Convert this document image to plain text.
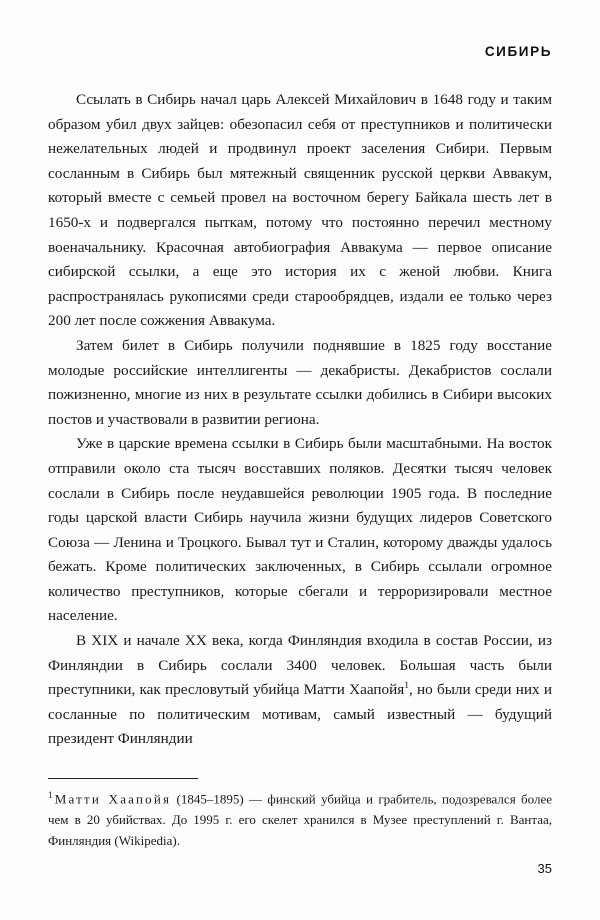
СИБИРЬ

Ссылать в Сибирь начал царь Алексей Михайлович в 1648 году и таким образом убил двух зайцев: обезопасил себя от преступников и политически нежелательных людей и продвинул проект заселения Сибири. Первым сосланным в Сибирь был мятежный священник русской церкви Аввакум, который вместе с семьей провел на восточном берегу Байкала шесть лет в 1650-х и подвергался пыткам, потому что постоянно перечил местному военачальнику. Красочная автобиография Аввакума — первое описание сибирской ссылки, а еще это история их с женой любви. Книга распространялась рукописями среди старообрядцев, издали ее только через 200 лет после сожжения Аввакума.

Затем билет в Сибирь получили поднявшие в 1825 году восстание молодые российские интеллигенты — декабристы. Декабристов сослали пожизненно, многие из них в результате ссылки добились в Сибири высоких постов и участвовали в развитии региона.

Уже в царские времена ссылки в Сибирь были масштабными. На восток отправили около ста тысяч восставших поляков. Десятки тысяч человек сослали в Сибирь после неудавшейся революции 1905 года. В последние годы царской власти Сибирь научила жизни будущих лидеров Советского Союза — Ленина и Троцкого. Бывал тут и Сталин, которому дважды удалось бежать. Кроме политических заключенных, в Сибирь ссылали огромное количество преступников, которые сбегали и терроризировали местное население.

В XIX и начале XX века, когда Финляндия входила в состав России, из Финляндии в Сибирь сослали 3400 человек. Большая часть были преступники, как пресловутый убийца Матти Хаапойя$^1$, но были среди них и сосланные по политическим мотивам, самый известный — будущий президент Финляндии

$^1$ Матти Хаапойя (1845–1895) — финский убийца и грабитель, подозревался более чем в 20 убийствах. До 1995 г. его скелет хранился в Музее преступлений г. Вантаа, Финляндия (Wikipedia).

35
